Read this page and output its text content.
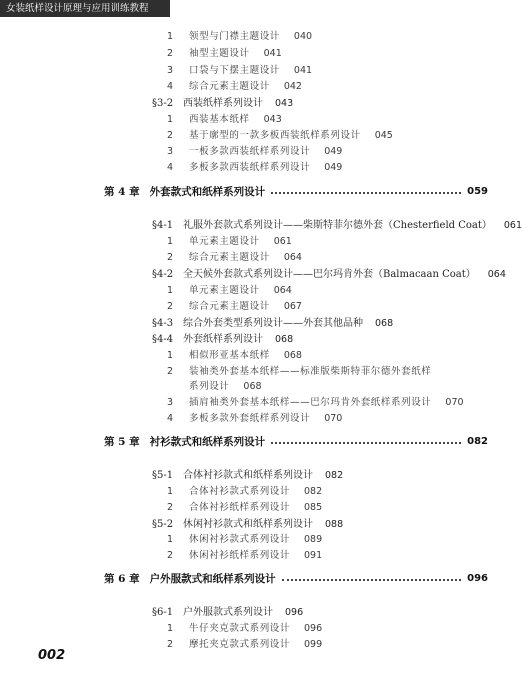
女装纸样设计原理与应用训练教程
1 领型与门襟主题设计 040
2 袖型主题设计 041
3 口袋与下摆主题设计 041
4 综合元素主题设计 042
§3-2 西装纸样系列设计 043
1 西装基本纸样 043
2 基于廓型的一款多板西装纸样系列设计 045
3 一板多款西装纸样系列设计 049
4 多板多款西装纸样系列设计 049
第 4 章 外套款式和纸样系列设计	059
§4-1 礼服外套款式系列设计——柴斯特菲尔德外套（Chesterfield Coat） 061
1 单元素主题设计 061
2 综合元素主题设计 064
§4-2 全天候外套款式系列设计——巴尔玛肯外套（Balmacaan Coat） 064
1 单元素主题设计 064
2 综合元素主题设计 067
§4-3 综合外套类型系列设计——外套其他品种 068
§4-4 外套纸样系列设计 068
1 相似形亚基本纸样 068
2 装袖类外套基本纸样——标准版柴斯特菲尔德外套纸样
系列设计 068
3 插肩袖类外套基本纸样——巴尔玛肯外套纸样系列设计 070
4 多板多款外套纸样系列设计 070
第 5 章 衬衫款式和纸样系列设计	082
§5-1 合体衬衫款式和纸样系列设计 082
1 合体衬衫款式系列设计 082
2 合体衬衫纸样系列设计 085
§5-2 休闲衬衫款式和纸样系列设计 088
1 休闲衬衫款式系列设计 089
2 休闲衬衫纸样系列设计 091
第 6 章 户外服款式和纸样系列设计	096
§6-1 户外服款式系列设计 096
1 牛仔夹克款式系列设计 096
2 摩托夹克款式系列设计 099
002
